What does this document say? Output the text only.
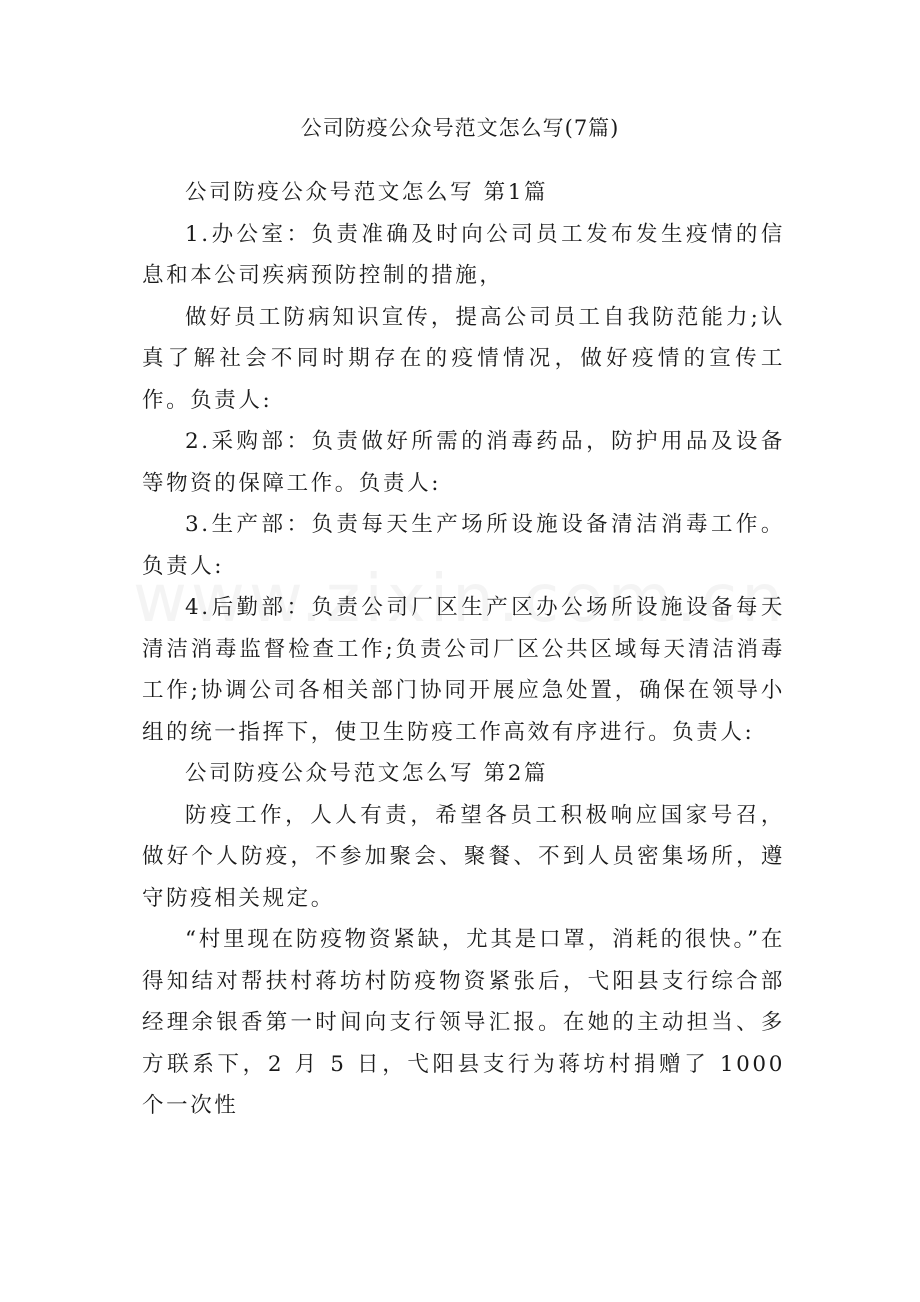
公司防疫公众号范文怎么写(7篇)

公司防疫公众号范文怎么写 第1篇

1.办公室：负责准确及时向公司员工发布发生疫情的信息和本公司疾病预防控制的措施，

做好员工防病知识宣传，提高公司员工自我防范能力;认真了解社会不同时期存在的疫情情况，做好疫情的宣传工作。负责人:

2.采购部：负责做好所需的消毒药品，防护用品及设备等物资的保障工作。负责人:

3.生产部：负责每天生产场所设施设备清洁消毒工作。负责人:

4.后勤部：负责公司厂区生产区办公场所设施设备每天清洁消毒监督检查工作;负责公司厂区公共区域每天清洁消毒工作;协调公司各相关部门协同开展应急处置，确保在领导小组的统一指挥下，使卫生防疫工作高效有序进行。负责人:

公司防疫公众号范文怎么写 第2篇

防疫工作，人人有责，希望各员工积极响应国家号召，做好个人防疫，不参加聚会、聚餐、不到人员密集场所，遵守防疫相关规定。

“村里现在防疫物资紧缺，尤其是口罩，消耗的很快。”在得知结对帮扶村蒋坊村防疫物资紧张后，弋阳县支行综合部经理余银香第一时间向支行领导汇报。在她的主动担当、多方联系下，2 月 5 日，弋阳县支行为蒋坊村捐赠了 1000 个一次性
